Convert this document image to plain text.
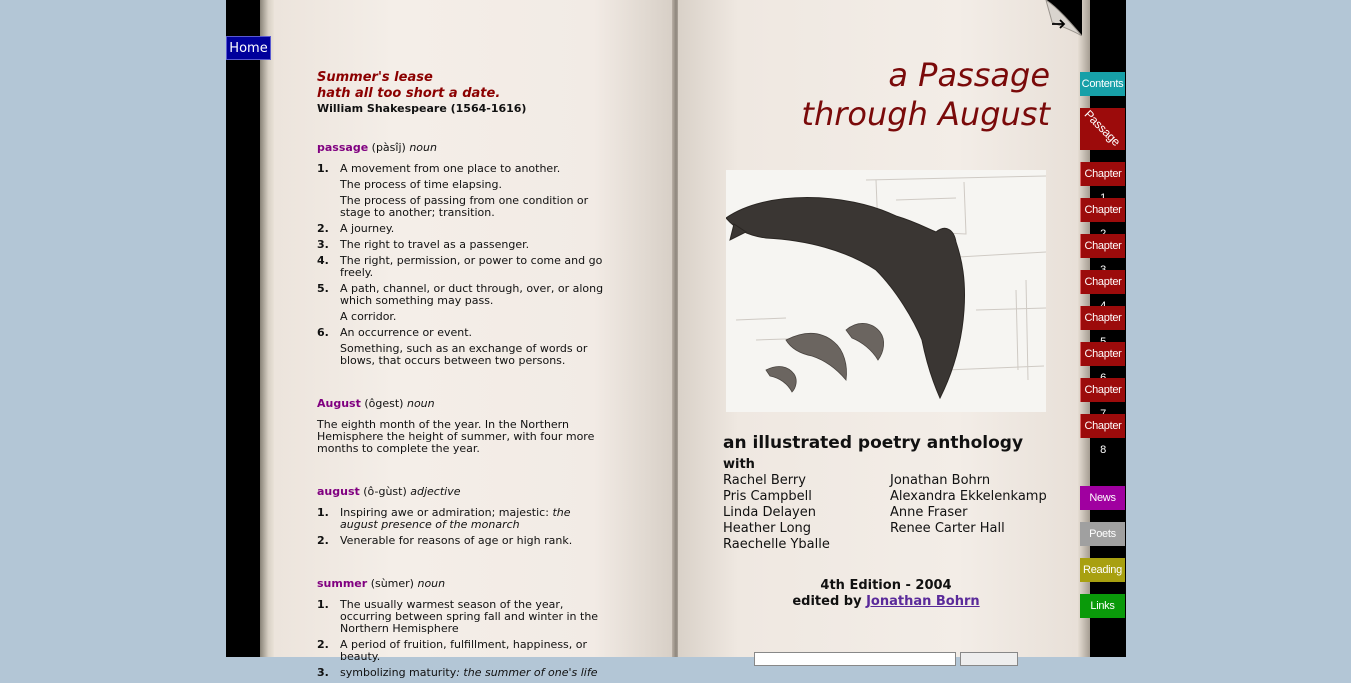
Home
Summer's lease
hath all too short a date.
William Shakespeare (1564-1616)
passage (pàsîj) noun
1. A movement from one place to another.
The process of time elapsing.
The process of passing from one condition or stage to another; transition.
2. A journey.
3. The right to travel as a passenger.
4. The right, permission, or power to come and go freely.
5. A path, channel, or duct through, over, or along which something may pass.
A corridor.
6. An occurrence or event.
Something, such as an exchange of words or blows, that occurs between two persons.
August (ôgest) noun
The eighth month of the year. In the Northern Hemisphere the height of summer, with four more months to complete the year.
august (ô-gùst) adjective
1. Inspiring awe or admiration; majestic: the august presence of the monarch
2. Venerable for reasons of age or high rank.
summer (sùmer) noun
1. The usually warmest season of the year, occurring between spring fall and winter in the Northern Hemisphere
2. A period of fruition, fulfillment, happiness, or beauty.
3. symbolizing maturity: the summer of one's life
a Passage
through August
an illustrated poetry anthology
with
Rachel Berry
Pris Campbell
Linda Delayen
Heather Long
Raechelle Yballe
Jonathan Bohrn
Alexandra Ekkelenkamp
Anne Fraser
Renee Carter Hall
4th Edition - 2004
edited by Jonathan Bohrn
Contents
Passage
Chapter
Chapter
Chapter
Chapter
Chapter
Chapter
Chapter
Chapter 8
News
Poets
Reading
Links
